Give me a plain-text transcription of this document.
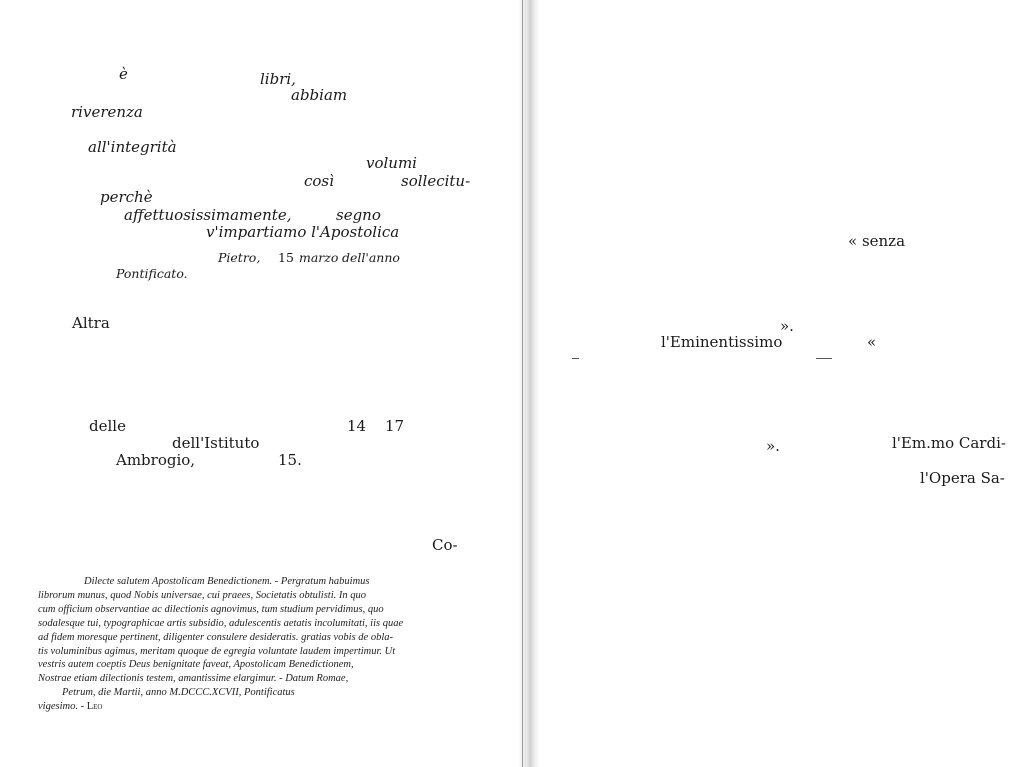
è	libri,
abbiam
riverenza
all'integrità
volumi
così	sollecitu-
perchè
affettuosissimamente,	segno
v'impartiamo l'Apostolica
Pietro, 15 marzo dell'anno
Pontificato.
Altra
delle	14 17
dell'Istituto
Ambrogio,	15.
Co-

Dilecte salutem Apostolicam Benedictionem. - Pergratum habuimus

librorum munus, quod Nobis universae, cui praees, Societatis obtulisti. In quo

cum officium observantiae ac dilectionis agnovimus, tum studium pervidimus, quo

sodalesque tui, typographicae artis subsidio, adulescentis aetatis incolumitati, iis quae

ad fidem moresque pertinent, diligenter consulere desideratis. gratias vobis de obla-

tis voluminibus agimus, meritam quoque de egregia voluntate laudem impertimur. Ut

vestris autem coeptis Deus benignitate faveat, Apostolicam Benedictionem,

Nostrae etiam dilectionis testem, amantissime elargimur. - Datum Romae,

Petrum, die Martii, anno M.DCCC.XCVII, Pontificatus

vigesimo. - Leo

« senza
».
l'Eminentissimo	«
».	l'Em.mo Cardi-
l'Opera Sa-
